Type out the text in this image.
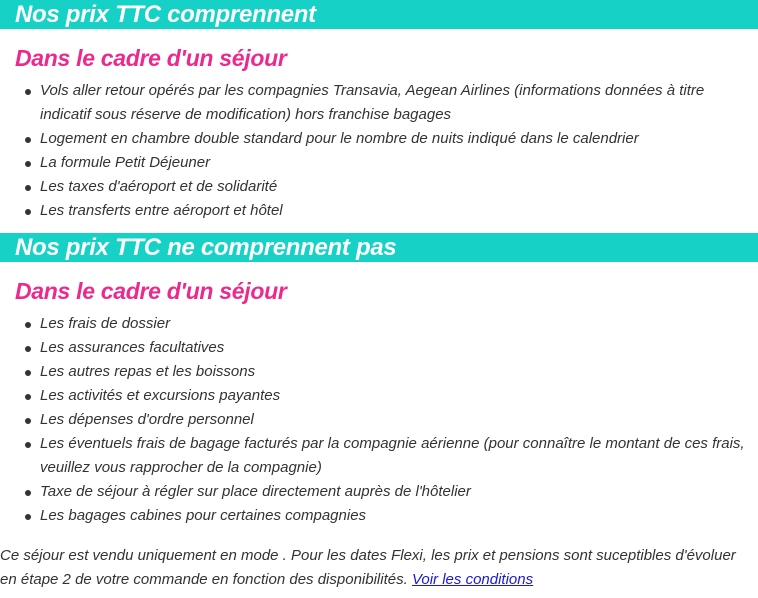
Nos prix TTC comprennent
Dans le cadre d'un séjour
Vols aller retour opérés par les compagnies Transavia, Aegean Airlines (informations données à titre indicatif sous réserve de modification) hors franchise bagages
Logement en chambre double standard pour le nombre de nuits indiqué dans le calendrier
La formule Petit Déjeuner
Les taxes d'aéroport et de solidarité
Les transferts entre aéroport et hôtel
Nos prix TTC ne comprennent pas
Dans le cadre d'un séjour
Les frais de dossier
Les assurances facultatives
Les autres repas et les boissons
Les activités et excursions payantes
Les dépenses d'ordre personnel
Les éventuels frais de bagage facturés par la compagnie aérienne (pour connaître le montant de ces frais, veuillez vous rapprocher de la compagnie)
Taxe de séjour à régler sur place directement auprès de l'hôtelier
Les bagages cabines pour certaines compagnies
Ce séjour est vendu uniquement en mode . Pour les dates Flexi, les prix et pensions sont suceptibles d'évoluer en étape 2 de votre commande en fonction des disponibilités. Voir les conditions
